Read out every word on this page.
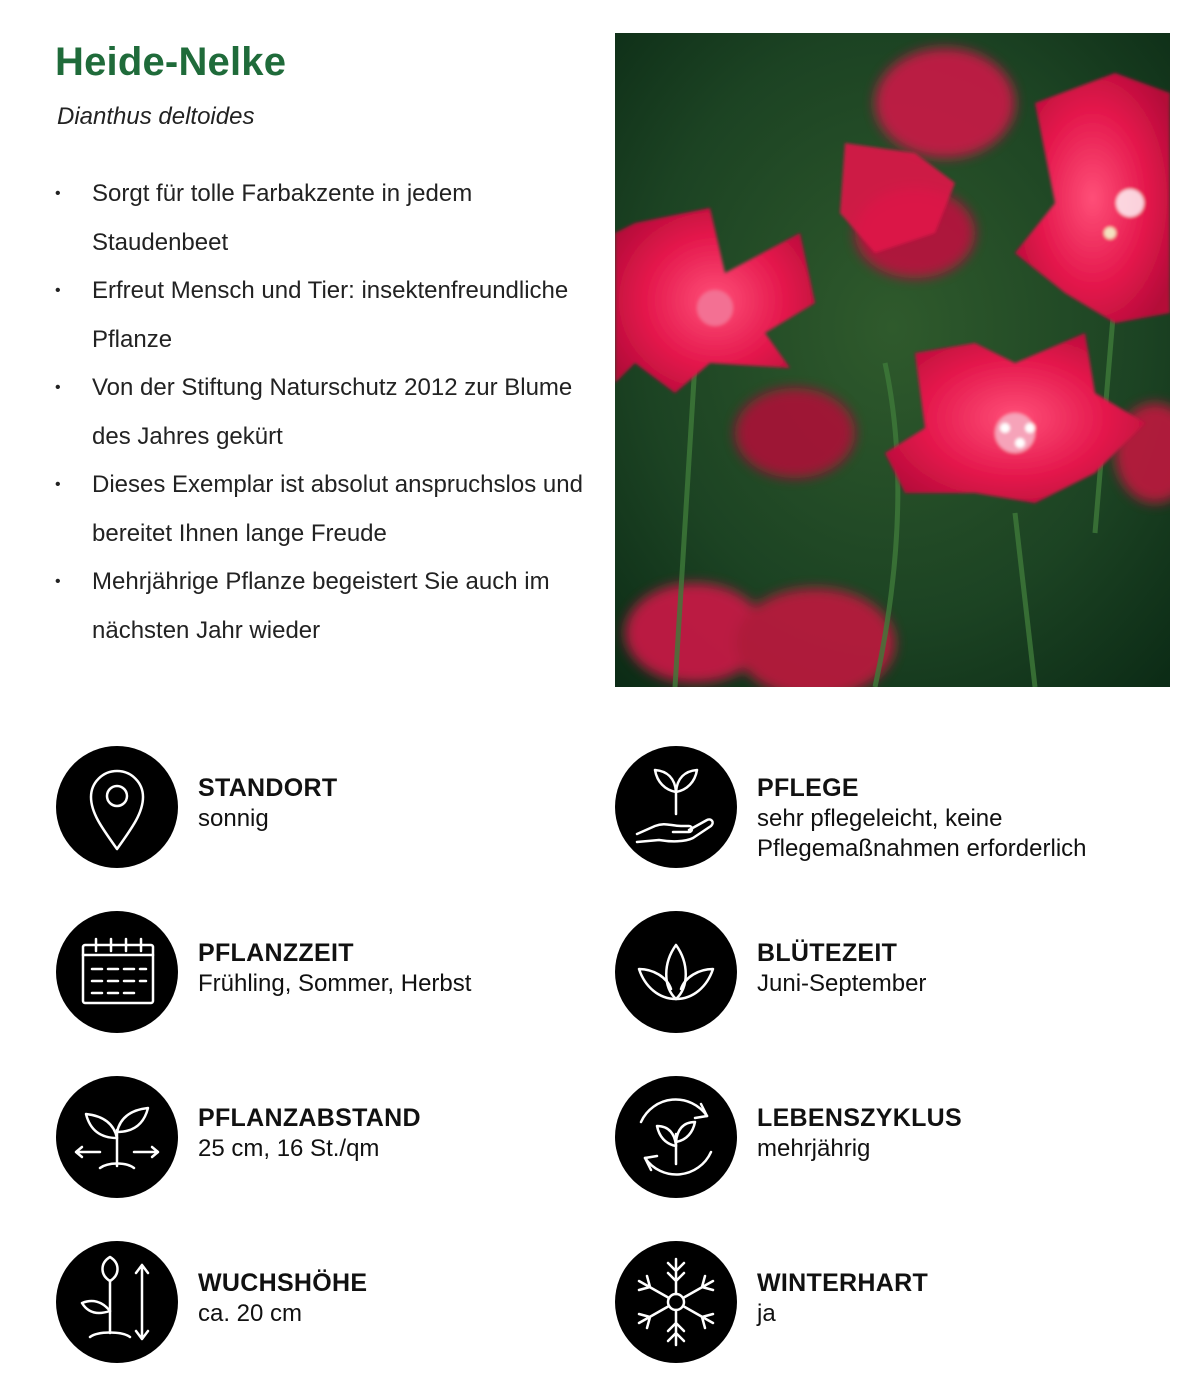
Heide-Nelke

Dianthus deltoides

• Sorgt für tolle Farbakzente in jedem Staudenbeet
• Erfreut Mensch und Tier: insektenfreundliche Pflanze
• Von der Stiftung Naturschutz 2012 zur Blume des Jahres gekürt
• Dieses Exemplar ist absolut anspruchslos und bereitet Ihnen lange Freude
• Mehrjährige Pflanze begeistert Sie auch im nächsten Jahr wieder
STANDORT
sonnig
PFLEGE
sehr pflegeleicht, keine Pflegemaßnahmen erforderlich
PFLANZZEIT
Frühling, Sommer, Herbst
BLÜTEZEIT
Juni-September
PFLANZABSTAND
25 cm, 16 St./qm
LEBENSZYKLUS
mehrjährig
WUCHSHÖHE
ca. 20 cm
WINTERHART
ja
